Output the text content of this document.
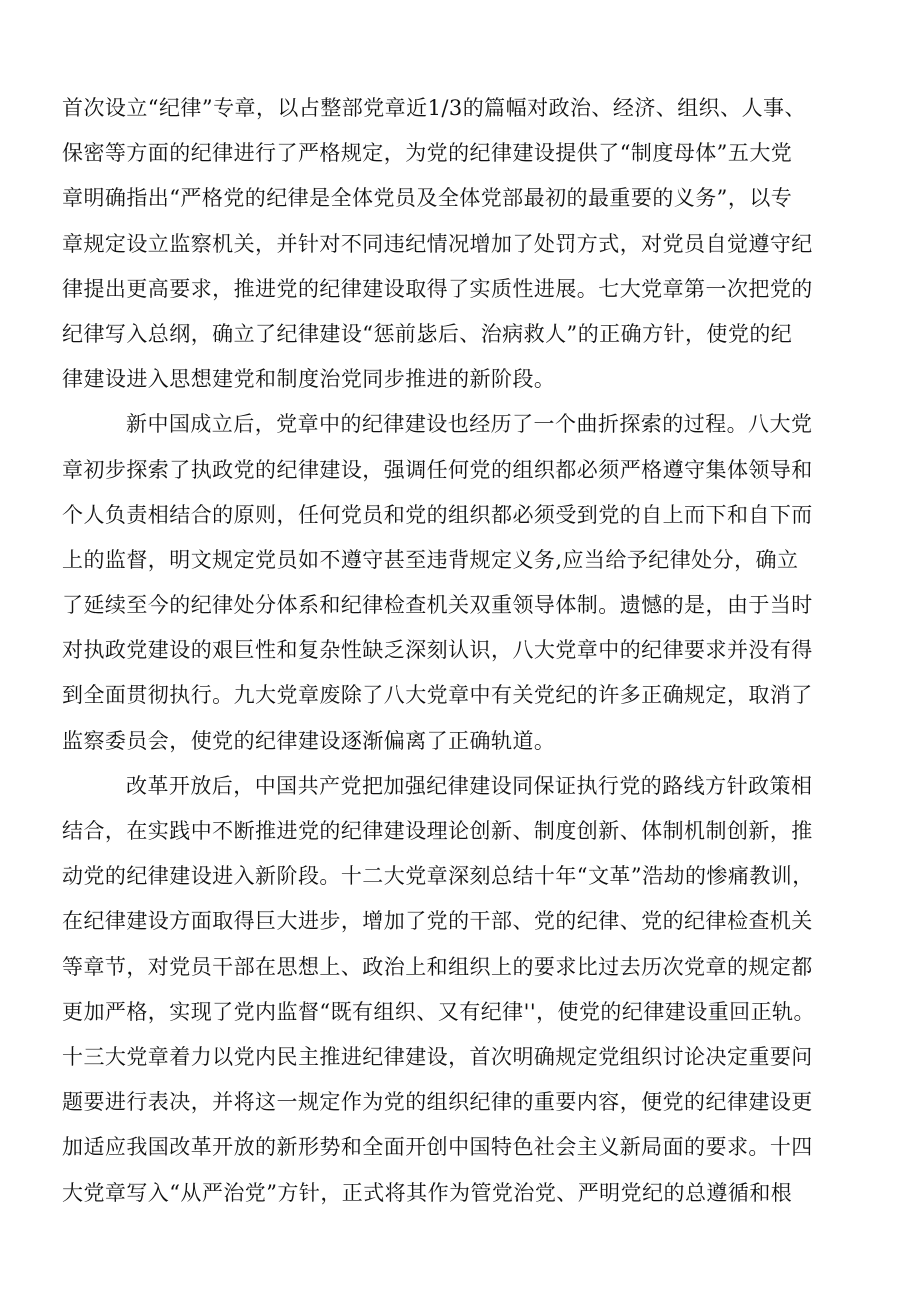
首次设立“纪律”专章，以占整部党章近1/3的篇幅对政治、经济、组织、人事、
保密等方面的纪律进行了严格规定，为党的纪律建设提供了“制度母体”五大党
章明确指出“严格党的纪律是全体党员及全体党部最初的最重要的义务”，以专
章规定设立监察机关，并针对不同违纪情况增加了处罚方式，对党员自觉遵守纪
律提出更高要求，推进党的纪律建设取得了实质性进展。七大党章第一次把党的
纪律写入总纲，确立了纪律建设“惩前毖后、治病救人”的正确方针，使党的纪
律建设进入思想建党和制度治党同步推进的新阶段。
新中国成立后，党章中的纪律建设也经历了一个曲折探索的过程。八大党
章初步探索了执政党的纪律建设，强调任何党的组织都必须严格遵守集体领导和
个人负责相结合的原则，任何党员和党的组织都必须受到党的自上而下和自下而
上的监督，明文规定党员如不遵守甚至违背规定义务,应当给予纪律处分，确立
了延续至今的纪律处分体系和纪律检查机关双重领导体制。遗憾的是，由于当时
对执政党建设的艰巨性和复杂性缺乏深刻认识，八大党章中的纪律要求并没有得
到全面贯彻执行。九大党章废除了八大党章中有关党纪的许多正确规定，取消了
监察委员会，使党的纪律建设逐渐偏离了正确轨道。
改革开放后，中国共产党把加强纪律建设同保证执行党的路线方针政策相
结合，在实践中不断推进党的纪律建设理论创新、制度创新、体制机制创新，推
动党的纪律建设进入新阶段。十二大党章深刻总结十年“文革”浩劫的惨痛教训，
在纪律建设方面取得巨大进步，增加了党的干部、党的纪律、党的纪律检查机关
等章节，对党员干部在思想上、政治上和组织上的要求比过去历次党章的规定都
更加严格，实现了党内监督“既有组织、又有纪律''，使党的纪律建设重回正轨。
十三大党章着力以党内民主推进纪律建设，首次明确规定党组织讨论决定重要问
题要进行表决，并将这一规定作为党的组织纪律的重要内容，便党的纪律建设更
加适应我国改革开放的新形势和全面开创中国特色社会主义新局面的要求。十四
大党章写入“从严治党”方针，正式将其作为管党治党、严明党纪的总遵循和根
